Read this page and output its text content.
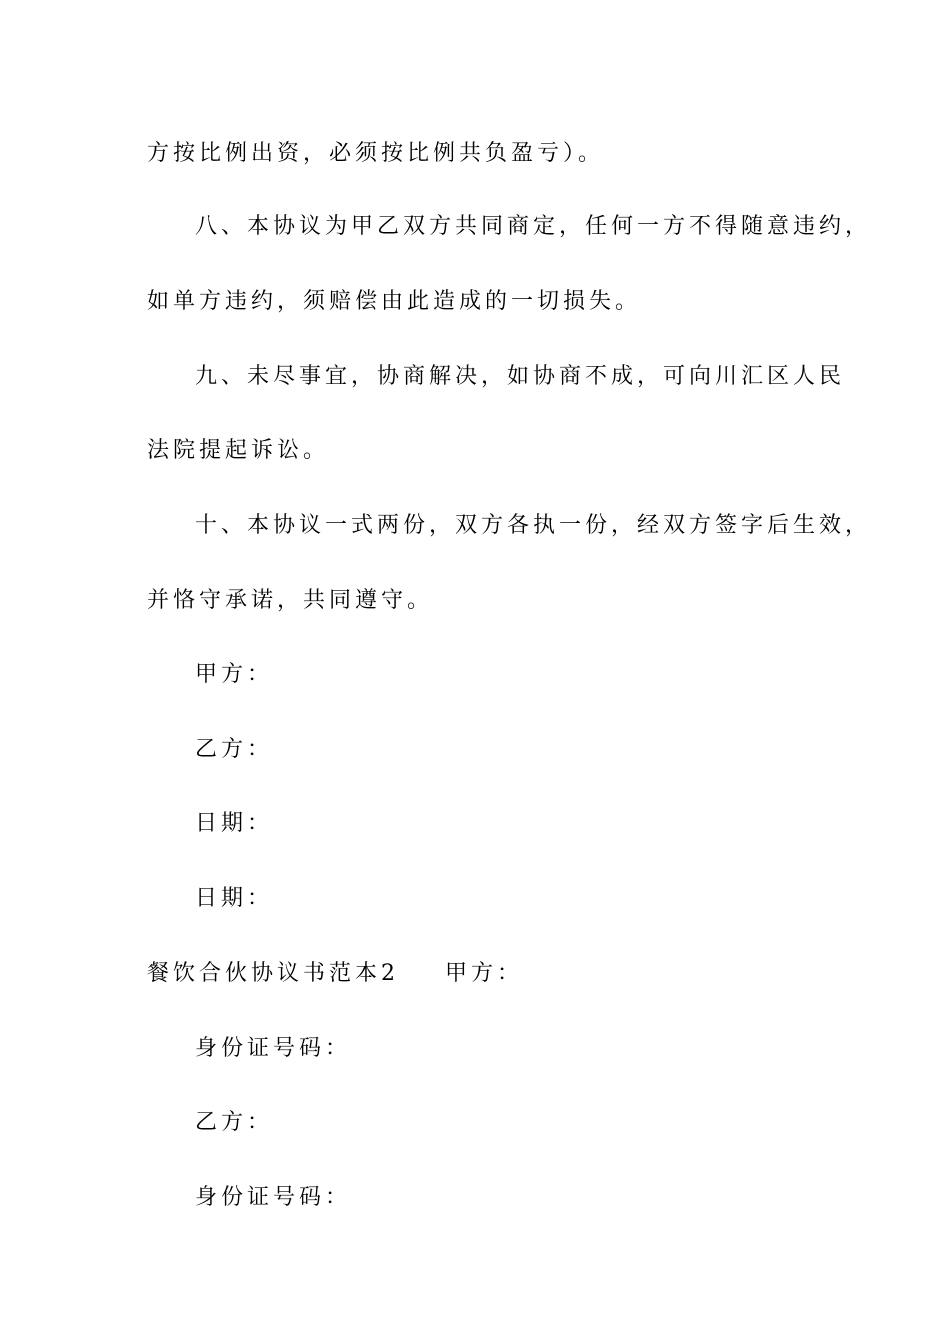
方按比例出资，必须按比例共负盈亏）。
八、本协议为甲乙双方共同商定，任何一方不得随意违约，
如单方违约，须赔偿由此造成的一切损失。
九、未尽事宜，协商解决，如协商不成，可向川汇区人民
法院提起诉讼。
十、本协议一式两份，双方各执一份，经双方签字后生效，
并恪守承诺，共同遵守。
甲方：
乙方：
日期：
日期：
餐饮合伙协议书范本2 甲方：
身份证号码：
乙方：
身份证号码：
